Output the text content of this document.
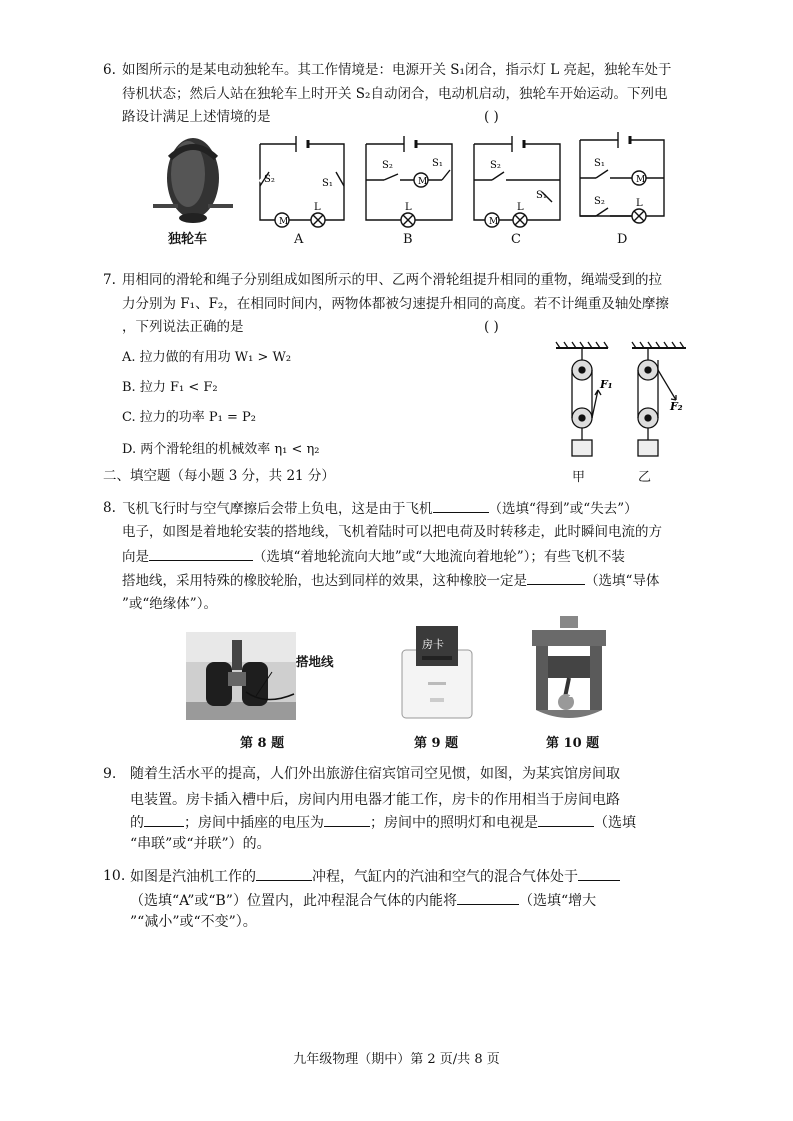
6. 如图所示的是某电动独轮车。其工作情境是：电源开关 S₁闭合，指示灯 L 亮起，独轮车处于
待机状态；然后人站在独轮车上时开关 S₂自动闭合，电动机启动，独轮车开始运动。下列电
路设计满足上述情境的是	( )
独轮车
M
S₂	S₁
L
A
M
S₂	S₁
L
B
M
S₂
S₁
L
C
M
S₁
S₂	L
D
7. 用相同的滑轮和绳子分别组成如图所示的甲、乙两个滑轮组提升相同的重物，绳端受到的拉
力分别为 F₁、F₂，在相同时间内，两物体都被匀速提升相同的高度。若不计绳重及轴处摩擦
，下列说法正确的是	( )
A. 拉力做的有用功 W₁ > W₂
B. 拉力 F₁ < F₂
C. 拉力的功率 P₁ = P₂
D. 两个滑轮组的机械效率 η₁ < η₂
F₁
F₂
甲	乙
二、填空题（每小题 3 分，共 21 分）
8. 飞机飞行时与空气摩擦后会带上负电，这是由于飞机	（选填“得到”或“失去”）
电子，如图是着地轮安装的搭地线，飞机着陆时可以把电荷及时转移走，此时瞬间电流的方
向是	（选填“着地轮流向大地”或“大地流向着地轮”）；有些飞机不装
搭地线，采用特殊的橡胶轮胎，也达到同样的效果，这种橡胶一定是	（选填“导体
”或“绝缘体”）。
搭地线
第 8 题
房卡
第 9 题
B
第 10 题
9. 随着生活水平的提高，人们外出旅游住宿宾馆司空见惯，如图，为某宾馆房间取
电装置。房卡插入槽中后，房间内用电器才能工作，房卡的作用相当于房间电路
的	；房间中插座的电压为	；房间中的照明灯和电视是	（选填
“串联”或“并联”）的。
10. 如图是汽油机工作的	冲程，气缸内的汽油和空气的混合气体处于
（选填“A”或“B”）位置内，此冲程混合气体的内能将	（选填“增大
”“减小”或“不变”）。
九年级物理（期中）第 2 页/共 8 页
